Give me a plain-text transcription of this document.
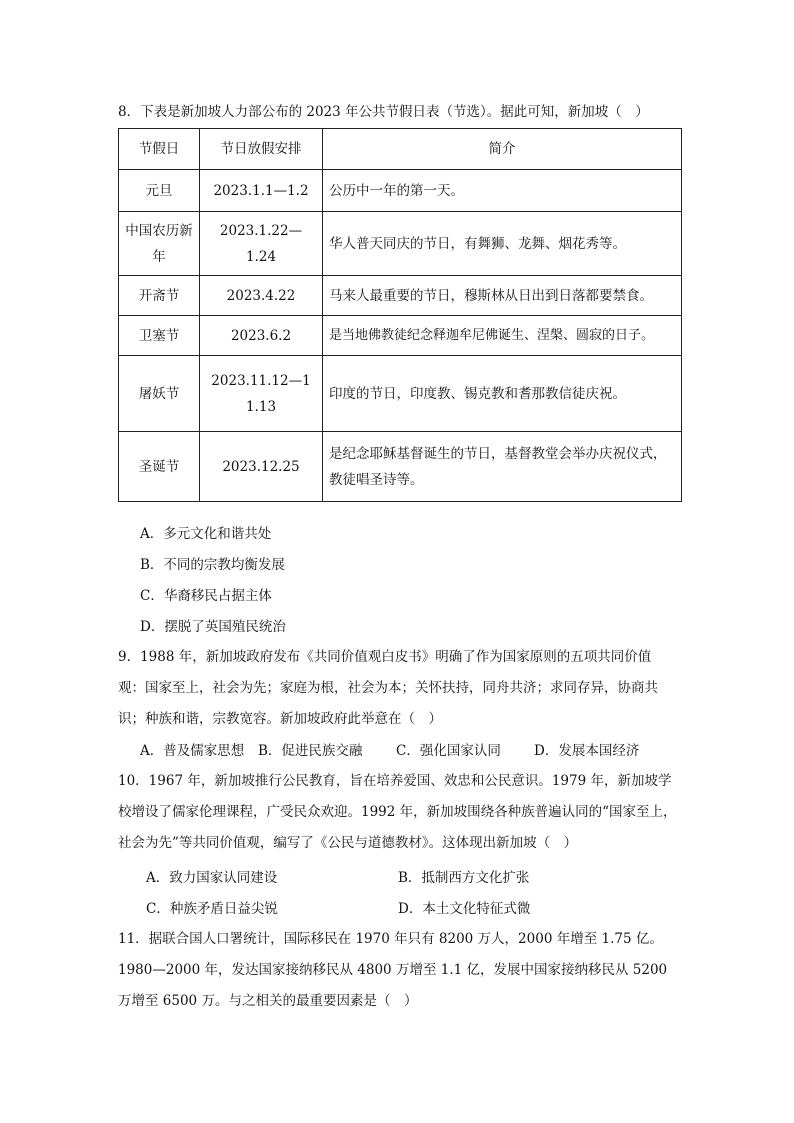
8．下表是新加坡人力部公布的 2023 年公共节假日表（节选）。据此可知，新加坡（　）
节假日	节日放假安排	简介
元旦	2023.1.1—1.2	公历中一年的第一天。
中国农历新年	2023.1.22—1.24	华人普天同庆的节日，有舞狮、龙舞、烟花秀等。
开斋节	2023.4.22	马来人最重要的节日，穆斯林从日出到日落都要禁食。
卫塞节	2023.6.2	是当地佛教徒纪念释迦牟尼佛诞生、涅槃、圆寂的日子。
屠妖节	2023.11.12—11.13	印度的节日，印度教、锡克教和耆那教信徒庆祝。
圣诞节	2023.12.25	是纪念耶稣基督诞生的节日，基督教堂会举办庆祝仪式，教徒唱圣诗等。
A．多元文化和谐共处
B．不同的宗教均衡发展
C．华裔移民占据主体
D．摆脱了英国殖民统治
9．1988 年，新加坡政府发布《共同价值观白皮书》明确了作为国家原则的五项共同价值观：国家至上，社会为先；家庭为根，社会为本；关怀扶持，同舟共济；求同存异，协商共识；种族和谐，宗教宽容。新加坡政府此举意在（　）
A．普及儒家思想 B．促进民族交融 C．强化国家认同 D．发展本国经济
10．1967 年，新加坡推行公民教育，旨在培养爱国、效忠和公民意识。1979 年，新加坡学校增设了儒家伦理课程，广受民众欢迎。1992 年，新加坡围绕各种族普遍认同的“国家至上，社会为先”等共同价值观，编写了《公民与道德教材》。这体现出新加坡（　）
A．致力国家认同建设	B．抵制西方文化扩张
C．种族矛盾日益尖锐	D．本土文化特征式微
11．据联合国人口署统计，国际移民在 1970 年只有 8200 万人，2000 年增至 1.75 亿。1980—2000 年，发达国家接纳移民从 4800 万增至 1.1 亿，发展中国家接纳移民从 5200 万增至 6500 万。与之相关的最重要因素是（　）
